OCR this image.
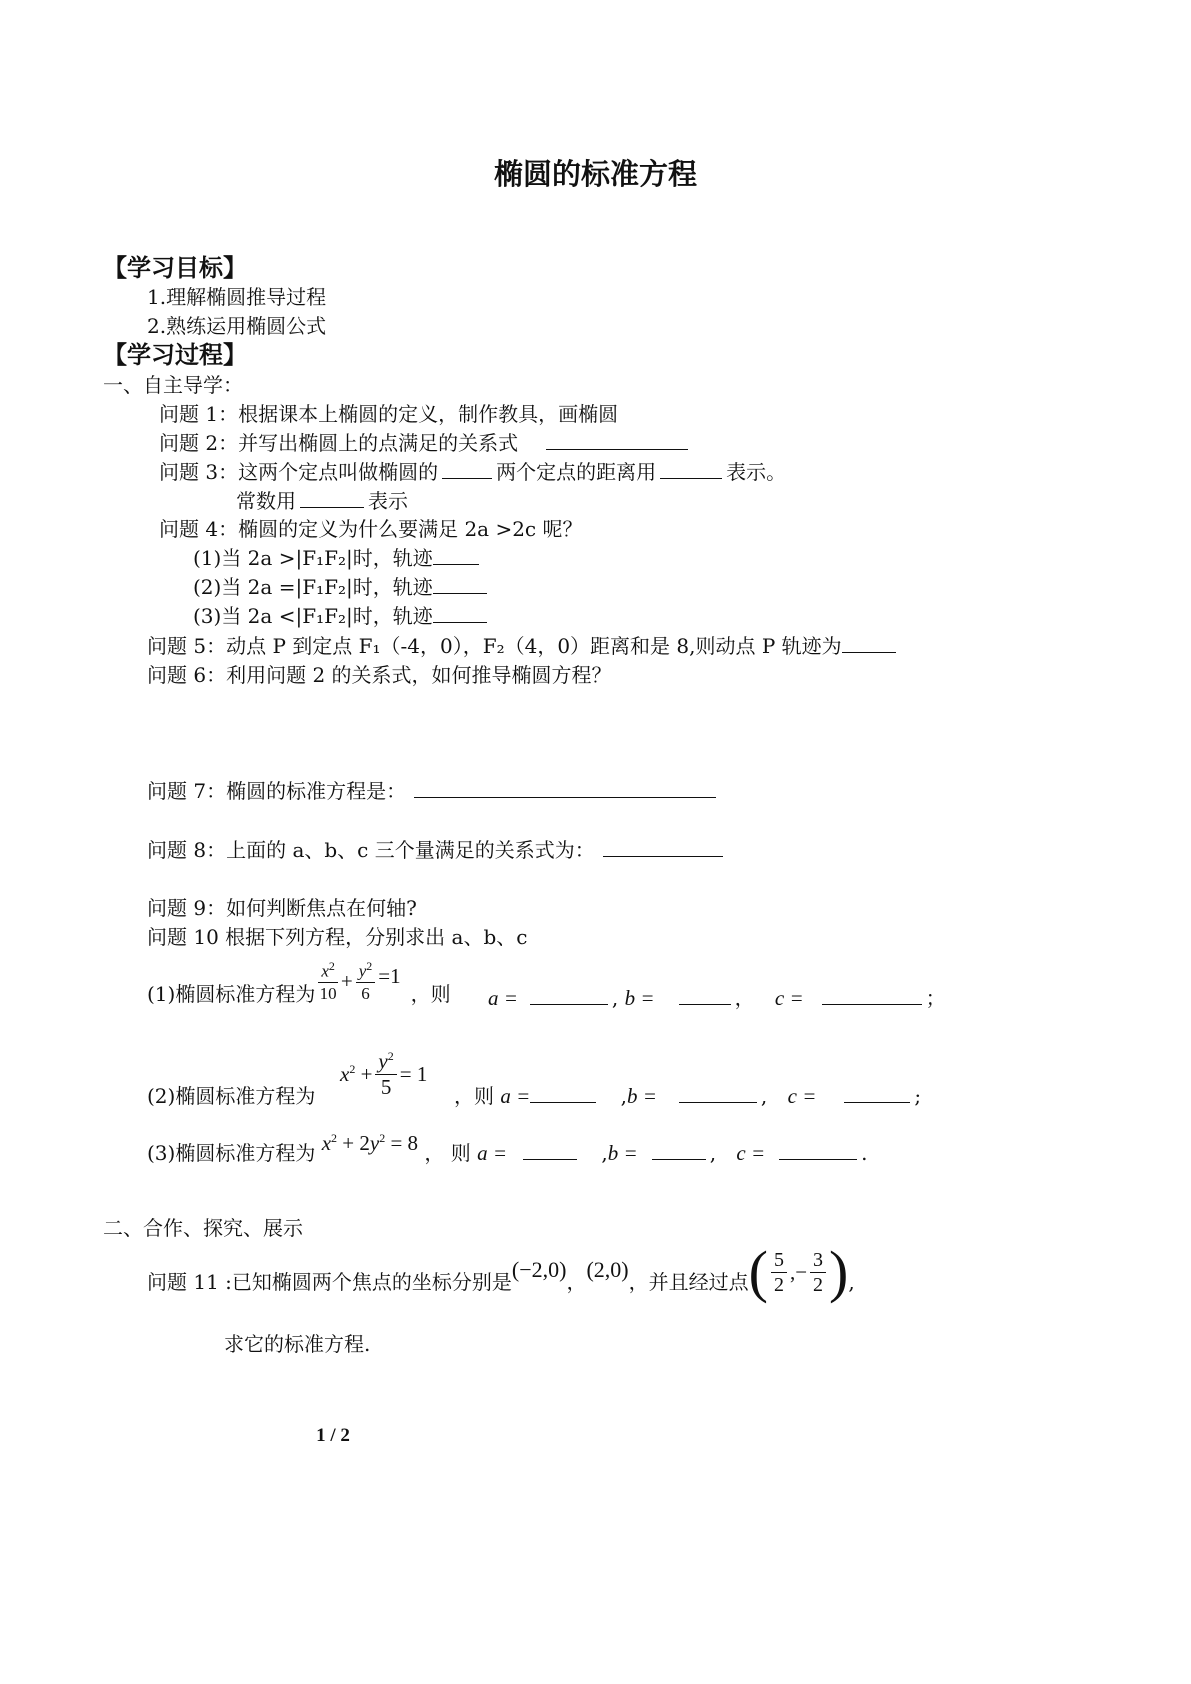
椭圆的标准方程
【学习目标】
1.理解椭圆推导过程
2.熟练运用椭圆公式
【学习过程】
一、自主导学：
问题 1：根据课本上椭圆的定义，制作教具，画椭圆
问题 2：并写出椭圆上的点满足的关系式
问题 3：这两个定点叫做椭圆的	两个定点的距离用	表示。
常数用	表示
问题 4：椭圆的定义为什么要满足 2a >2c 呢？
(1)当 2a >|F₁F₂|时，轨迹
(2)当 2a =|F₁F₂|时，轨迹
(3)当 2a <|F₁F₂|时，轨迹
问题 5：动点 P 到定点 F₁（-4，0），F₂（4，0）距离和是 8,则动点 P 轨迹为
问题 6：利用问题 2 的关系式，如何推导椭圆方程？
问题 7：椭圆的标准方程是：
问题 8：上面的 a、b、c 三个量满足的关系式为：
问题 9：如何判断焦点在何轴?
问题 10 根据下列方程，分别求出 a、b、c
(1)椭圆标准方程为 $\frac{x^2}{10} + \frac{y^2}{6} =1$
，则 a =	, b =	， c =	；
(2)椭圆标准方程为
$x^2 + \frac{y^2}{5} = 1$
，则 a =	,b =	, c =	;
(3)椭圆标准方程为 $x^2 + 2y^2 = 8$ ， 则 a =	,b =	, c =	.
二、合作、探究、展示
问题 11 :已知椭圆两个焦点的坐标分别是 (−2,0) ， (2,0) ，并且经过点 ( $\frac{5}{2}$ ,− $\frac{3}{2}$ ) ,
求它的标准方程.
1 / 2
